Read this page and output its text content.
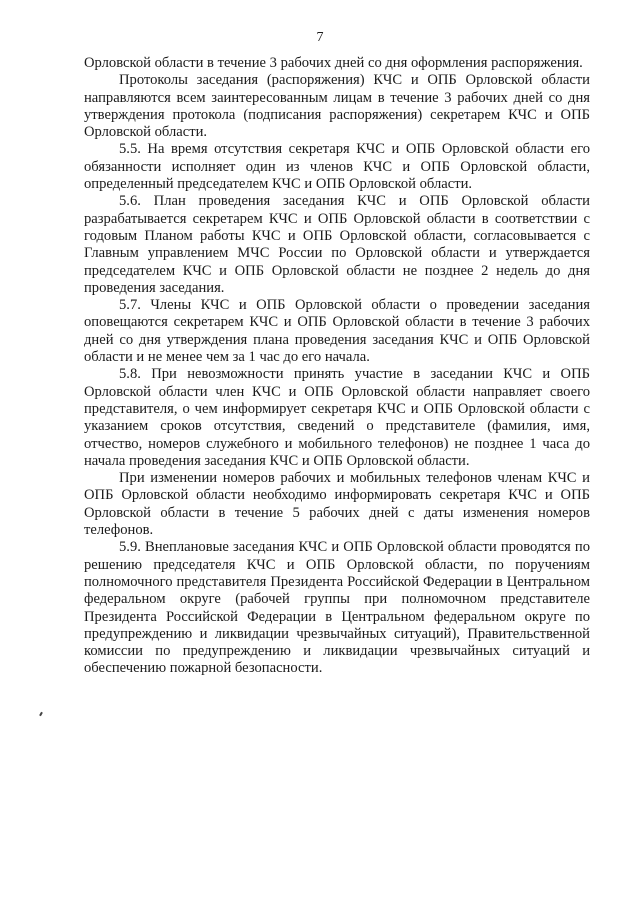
7

Орловской области в течение 3 рабочих дней со дня оформления распоряжения.

Протоколы заседания (распоряжения) КЧС и ОПБ Орловской области направляются всем заинтересованным лицам в течение 3 рабочих дней со дня утверждения протокола (подписания распоряжения) секретарем КЧС и ОПБ Орловской области.

5.5. На время отсутствия секретаря КЧС и ОПБ Орловской области его обязанности исполняет один из членов КЧС и ОПБ Орловской области, определенный председателем КЧС и ОПБ Орловской области.

5.6. План проведения заседания КЧС и ОПБ Орловской области разрабатывается секретарем КЧС и ОПБ Орловской области в соответствии с годовым Планом работы КЧС и ОПБ Орловской области, согласовывается с Главным управлением МЧС России по Орловской области и утверждается председателем КЧС и ОПБ Орловской области не позднее 2 недель до дня проведения заседания.

5.7. Члены КЧС и ОПБ Орловской области о проведении заседания оповещаются секретарем КЧС и ОПБ Орловской области в течение 3 рабочих дней со дня утверждения плана проведения заседания КЧС и ОПБ Орловской области и не менее чем за 1 час до его начала.

5.8. При невозможности принять участие в заседании КЧС и ОПБ Орловской области член КЧС и ОПБ Орловской области направляет своего представителя, о чем информирует секретаря КЧС и ОПБ Орловской области с указанием сроков отсутствия, сведений о представителе (фамилия, имя, отчество, номеров служебного и мобильного телефонов) не позднее 1 часа до начала проведения заседания КЧС и ОПБ Орловской области.

При изменении номеров рабочих и мобильных телефонов членам КЧС и ОПБ Орловской области необходимо информировать секретаря КЧС и ОПБ Орловской области в течение 5 рабочих дней с даты изменения номеров телефонов.

5.9. Внеплановые заседания КЧС и ОПБ Орловской области проводятся по решению председателя КЧС и ОПБ Орловской области, по поручениям полномочного представителя Президента Российской Федерации в Центральном федеральном округе (рабочей группы при полномочном представителе Президента Российской Федерации в Центральном федеральном округе по предупреждению и ликвидации чрезвычайных ситуаций), Правительственной комиссии по предупреждению и ликвидации чрезвычайных ситуаций и обеспечению пожарной безопасности.
